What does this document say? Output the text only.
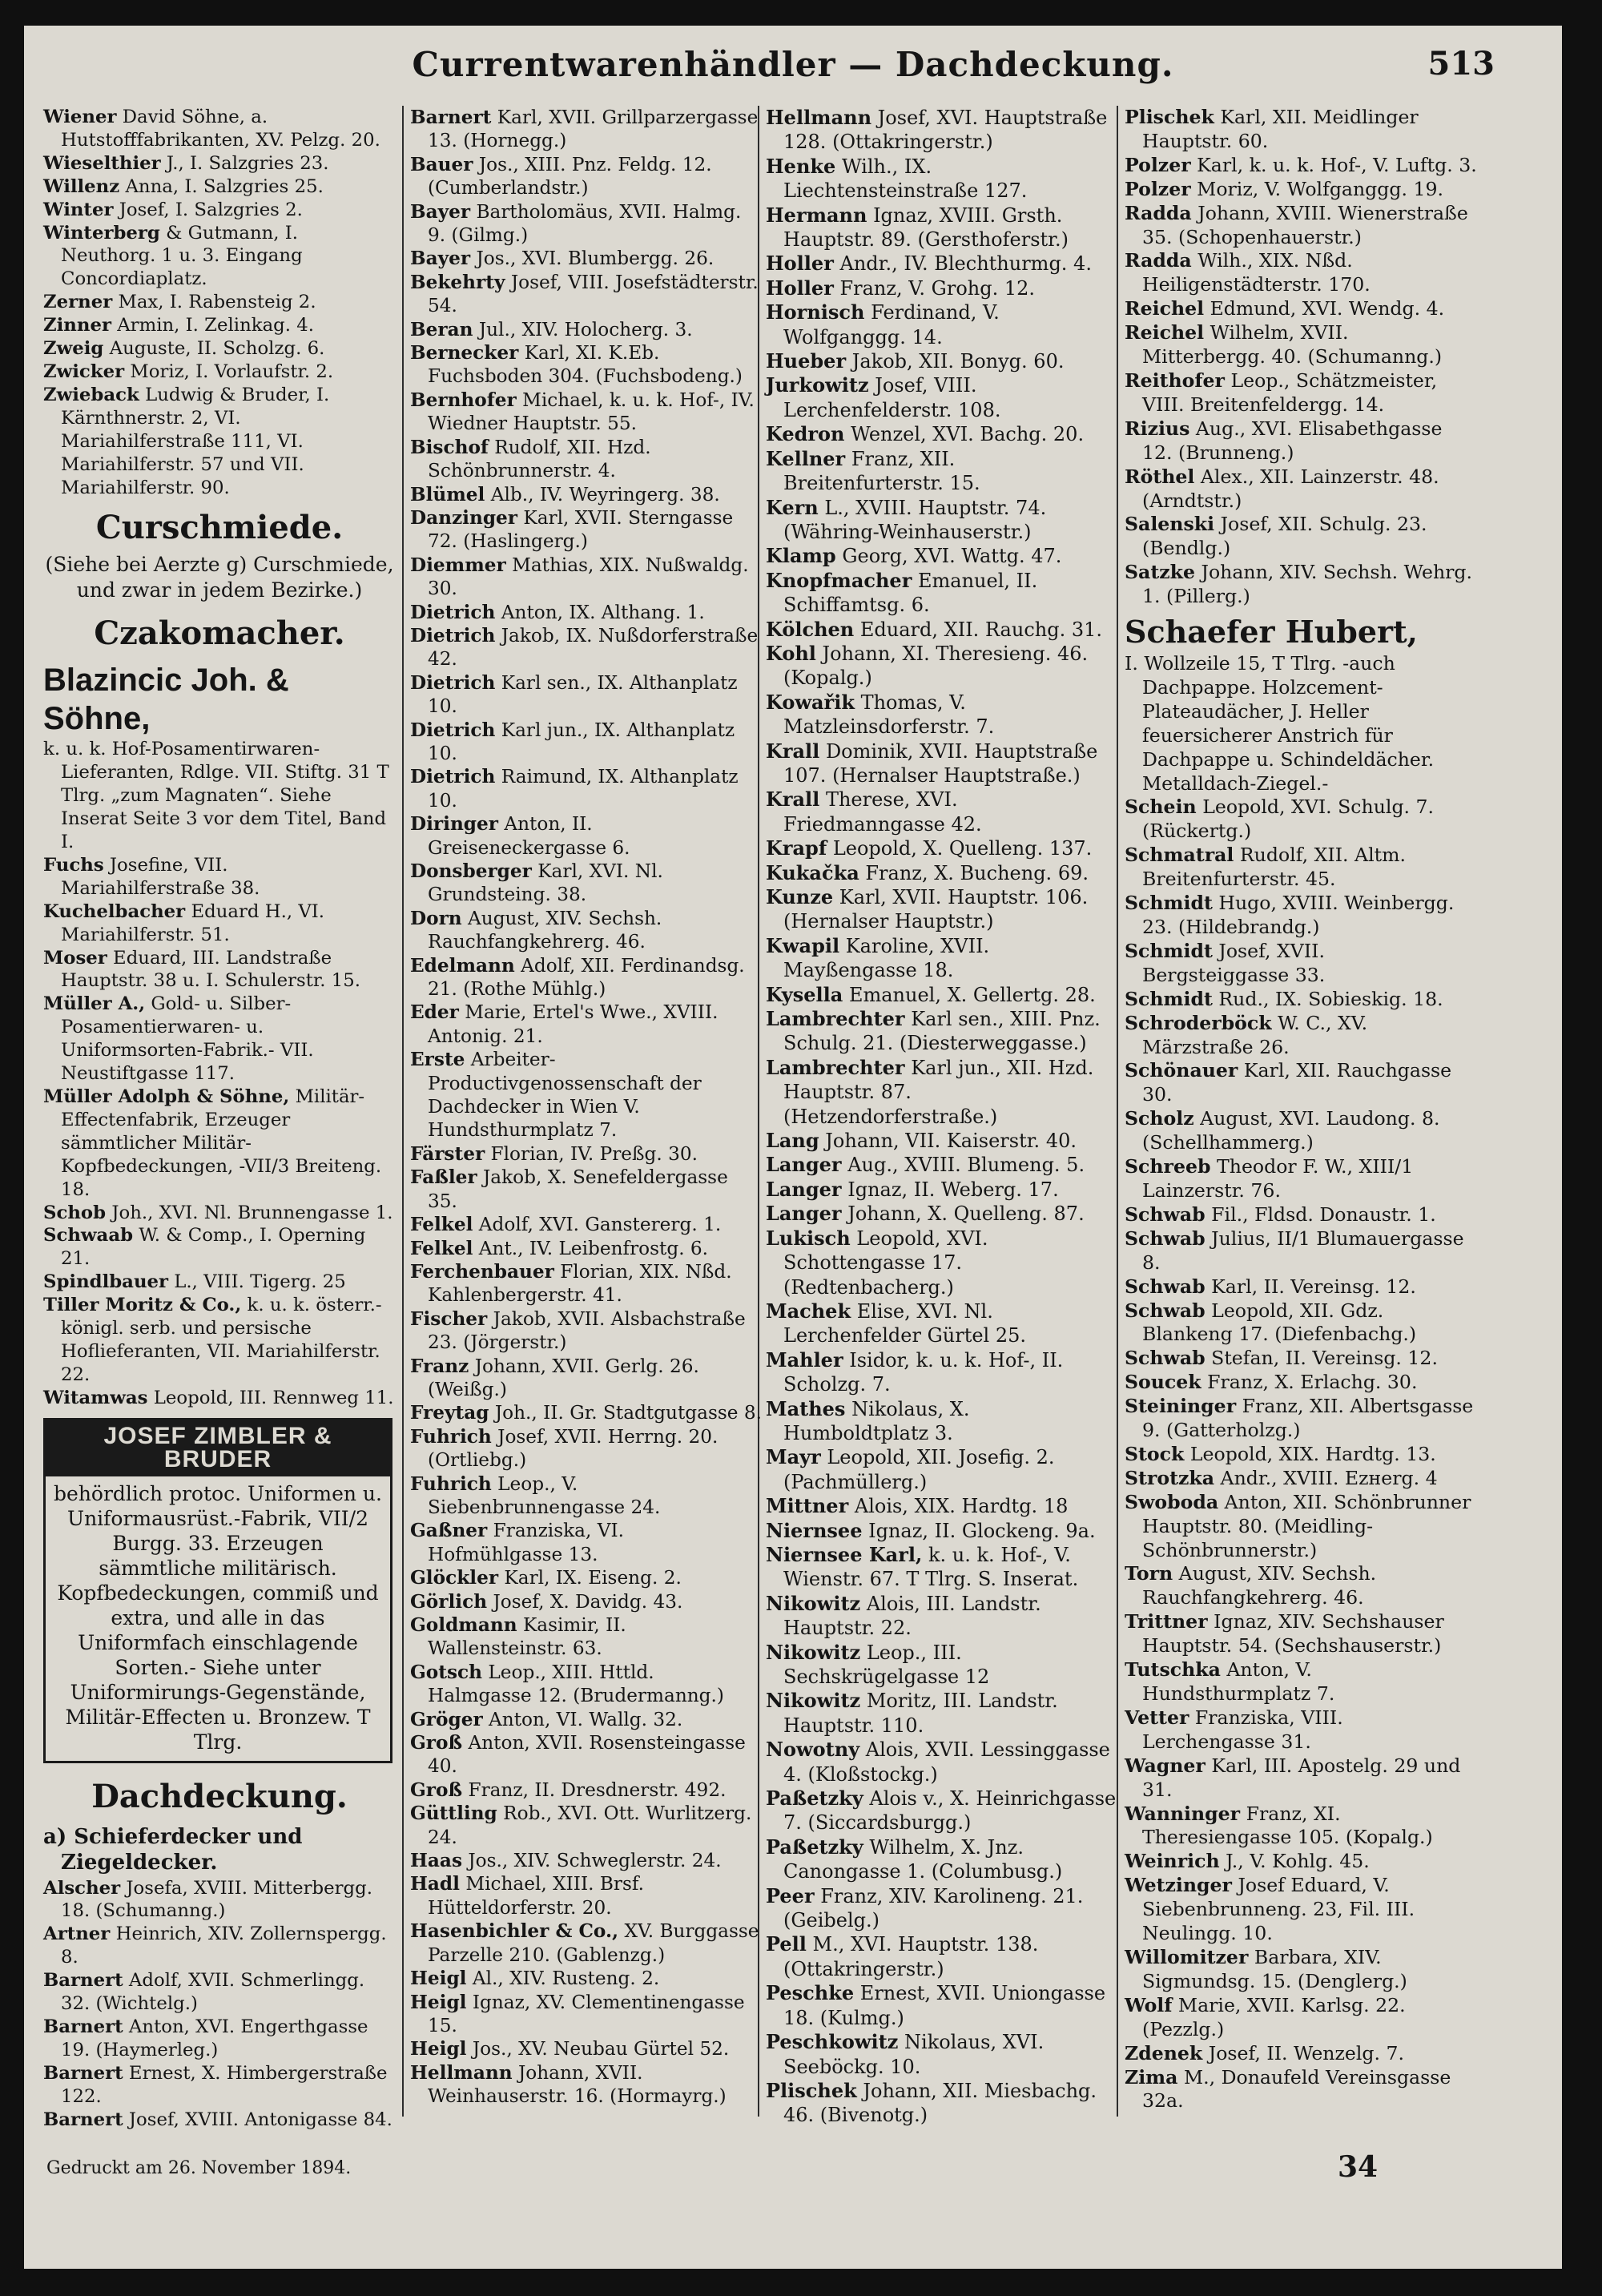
Currentwarenhändler — Dachdeckung.	513

Wiener David Söhne, a. Hutstofffabrikanten, XV. Pelzg. 20.

Wieselthier J., I. Salzgries 23.

Willenz Anna, I. Salzgries 25.

Winter Josef, I. Salzgries 2.

Winterberg & Gutmann, I. Neuthorg. 1 u. 3. Eingang Concordiaplatz.

Zerner Max, I. Rabensteig 2.

Zinner Armin, I. Zelinkag. 4.

Zweig Auguste, II. Scholzg. 6.

Zwicker Moriz, I. Vorlaufstr. 2.

Zwieback Ludwig & Bruder, I. Kärnthnerstr. 2, VI. Mariahilferstraße 111, VI. Mariahilferstr. 57 und VII. Mariahilferstr. 90.

Curschmiede.
(Siehe bei Aerzte g) Curschmiede, und zwar in jedem Bezirke.)
Czakomacher.
Blazincic Joh. & Söhne,

k. u. k. Hof-Posamentirwaren-Lieferanten, Rdlge. VII. Stiftg. 31 T Tlrg. „zum Magnaten“. Siehe Inserat Seite 3 vor dem Titel, Band I.

Fuchs Josefine, VII. Mariahilferstraße 38.

Kuchelbacher Eduard H., VI. Mariahilferstr. 51.

Moser Eduard, III. Landstraße Hauptstr. 38 u. I. Schulerstr. 15.

Müller A., Gold- u. Silber-Posamentierwaren- u. Uniformsorten-Fabrik.- VII. Neustiftgasse 117.

Müller Adolph & Söhne, Militär-Effectenfabrik, Erzeuger sämmtlicher Militär-Kopfbedeckungen, -VII/3 Breiteng. 18.

Schob Joh., XVI. Nl. Brunnengasse 1.

Schwaab W. & Comp., I. Operning 21.

Spindlbauer L., VIII. Tigerg. 25

Tiller Moritz & Co., k. u. k. österr.-königl. serb. und persische Hoflieferanten, VII. Mariahilferstr. 22.

Witamwas Leopold, III. Rennweg 11.

JOSEF ZIMBLER & BRUDER
behördlich protoc. Uniformen u. Uniformausrüst.-Fabrik, VII/2 Burgg. 33. Erzeugen sämmtliche militärisch. Kopfbedeckungen, commiß und extra, und alle in das Uniformfach einschlagende Sorten.- Siehe unter Uniformirungs-Gegenstände, Militär-Effecten u. Bronzew. T Tlrg.
Dachdeckung.
a) Schieferdecker und Ziegeldecker.

Alscher Josefa, XVIII. Mitterbergg. 18. (Schumanng.)

Artner Heinrich, XIV. Zollernspergg. 8.

Barnert Adolf, XVII. Schmerlingg. 32. (Wichtelg.)

Barnert Anton, XVI. Engerthgasse 19. (Haymerleg.)

Barnert Ernest, X. Himbergerstraße 122.

Barnert Josef, XVIII. Antonigasse 84.

Barnert Karl, XVII. Grillparzergasse 13. (Hornegg.)

Bauer Jos., XIII. Pnz. Feldg. 12. (Cumberlandstr.)

Bayer Bartholomäus, XVII. Halmg. 9. (Gilmg.)

Bayer Jos., XVI. Blumbergg. 26.

Bekehrty Josef, VIII. Josefstädterstr. 54.

Beran Jul., XIV. Holocherg. 3.

Bernecker Karl, XI. K.Eb. Fuchsboden 304. (Fuchsbodeng.)

Bernhofer Michael, k. u. k. Hof-, IV. Wiedner Hauptstr. 55.

Bischof Rudolf, XII. Hzd. Schönbrunnerstr. 4.

Blümel Alb., IV. Weyringerg. 38.

Danzinger Karl, XVII. Sterngasse 72. (Haslingerg.)

Diemmer Mathias, XIX. Nußwaldg. 30.

Dietrich Anton, IX. Althang. 1.

Dietrich Jakob, IX. Nußdorferstraße 42.

Dietrich Karl sen., IX. Althanplatz 10.

Dietrich Karl jun., IX. Althanplatz 10.

Dietrich Raimund, IX. Althanplatz 10.

Diringer Anton, II. Greiseneckergasse 6.

Donsberger Karl, XVI. Nl. Grundsteing. 38.

Dorn August, XIV. Sechsh. Rauchfangkehrerg. 46.

Edelmann Adolf, XII. Ferdinandsg. 21. (Rothe Mühlg.)

Eder Marie, Ertel's Wwe., XVIII. Antonig. 21.

Erste Arbeiter-Productivgenossenschaft der Dachdecker in Wien V. Hundsthurmplatz 7.

Färster Florian, IV. Preßg. 30.

Faßler Jakob, X. Senefeldergasse 35.

Felkel Adolf, XVI. Ganstererg. 1.

Felkel Ant., IV. Leibenfrostg. 6.

Ferchenbauer Florian, XIX. Nßd. Kahlenbergerstr. 41.

Fischer Jakob, XVII. Alsbachstraße 23. (Jörgerstr.)

Franz Johann, XVII. Gerlg. 26. (Weißg.)

Freytag Joh., II. Gr. Stadtgutgasse 8.

Fuhrich Josef, XVII. Herrng. 20. (Ortliebg.)

Fuhrich Leop., V. Siebenbrunnengasse 24.

Gaßner Franziska, VI. Hofmühlgasse 13.

Glöckler Karl, IX. Eiseng. 2.

Görlich Josef, X. Davidg. 43.

Goldmann Kasimir, II. Wallensteinstr. 63.

Gotsch Leop., XIII. Httld. Halmgasse 12. (Brudermanng.)

Gröger Anton, VI. Wallg. 32.

Groß Anton, XVII. Rosensteingasse 40.

Groß Franz, II. Dresdnerstr. 492.

Güttling Rob., XVI. Ott. Wurlitzerg. 24.

Haas Jos., XIV. Schweglerstr. 24.

Hadl Michael, XIII. Brsf. Hütteldorferstr. 20.

Hasenbichler & Co., XV. Burggasse Parzelle 210. (Gablenzg.)

Heigl Al., XIV. Rusteng. 2.

Heigl Ignaz, XV. Clementinengasse 15.

Heigl Jos., XV. Neubau Gürtel 52.

Hellmann Johann, XVII. Weinhauserstr. 16. (Hormayrg.)

Hellmann Josef, XVI. Hauptstraße 128. (Ottakringerstr.)

Henke Wilh., IX. Liechtensteinstraße 127.

Hermann Ignaz, XVIII. Grsth. Hauptstr. 89. (Gersthoferstr.)

Holler Andr., IV. Blechthurmg. 4.

Holler Franz, V. Grohg. 12.

Hornisch Ferdinand, V. Wolfganggg. 14.

Hueber Jakob, XII. Bonyg. 60.

Jurkowitz Josef, VIII. Lerchenfelderstr. 108.

Kedron Wenzel, XVI. Bachg. 20.

Kellner Franz, XII. Breitenfurterstr. 15.

Kern L., XVIII. Hauptstr. 74. (Währing-Weinhauserstr.)

Klamp Georg, XVI. Wattg. 47.

Knopfmacher Emanuel, II. Schiffamtsg. 6.

Kölchen Eduard, XII. Rauchg. 31.

Kohl Johann, XI. Theresieng. 46. (Kopalg.)

Kowařik Thomas, V. Matzleinsdorferstr. 7.

Krall Dominik, XVII. Hauptstraße 107. (Hernalser Hauptstraße.)

Krall Therese, XVI. Friedmanngasse 42.

Krapf Leopold, X. Quelleng. 137.

Kukačka Franz, X. Bucheng. 69.

Kunze Karl, XVII. Hauptstr. 106. (Hernalser Hauptstr.)

Kwapil Karoline, XVII. Mayßengasse 18.

Kysella Emanuel, X. Gellertg. 28.

Lambrechter Karl sen., XIII. Pnz. Schulg. 21. (Diesterweggasse.)

Lambrechter Karl jun., XII. Hzd. Hauptstr. 87. (Hetzendorferstraße.)

Lang Johann, VII. Kaiserstr. 40.

Langer Aug., XVIII. Blumeng. 5.

Langer Ignaz, II. Weberg. 17.

Langer Johann, X. Quelleng. 87.

Lukisch Leopold, XVI. Schottengasse 17. (Redtenbacherg.)

Machek Elise, XVI. Nl. Lerchenfelder Gürtel 25.

Mahler Isidor, k. u. k. Hof-, II. Scholzg. 7.

Mathes Nikolaus, X. Humboldtplatz 3.

Mayr Leopold, XII. Josefig. 2. (Pachmüllerg.)

Mittner Alois, XIX. Hardtg. 18

Niernsee Ignaz, II. Glockeng. 9a.

Niernsee Karl, k. u. k. Hof-, V. Wienstr. 67. T Tlrg. S. Inserat.

Nikowitz Alois, III. Landstr. Hauptstr. 22.

Nikowitz Leop., III. Sechskrügelgasse 12

Nikowitz Moritz, III. Landstr. Hauptstr. 110.

Nowotny Alois, XVII. Lessinggasse 4. (Kloßstockg.)

Paßetzky Alois v., X. Heinrichgasse 7. (Siccardsburgg.)

Paßetzky Wilhelm, X. Jnz. Canongasse 1. (Columbusg.)

Peer Franz, XIV. Karolineng. 21. (Geibelg.)

Pell M., XVI. Hauptstr. 138. (Ottakringerstr.)

Peschke Ernest, XVII. Uniongasse 18. (Kulmg.)

Peschkowitz Nikolaus, XVI. Seeböckg. 10.

Plischek Johann, XII. Miesbachg. 46. (Bivenotg.)

Plischek Karl, XII. Meidlinger Hauptstr. 60.

Polzer Karl, k. u. k. Hof-, V. Luftg. 3.

Polzer Moriz, V. Wolfganggg. 19.

Radda Johann, XVIII. Wienerstraße 35. (Schopenhauerstr.)

Radda Wilh., XIX. Nßd. Heiligenstädterstr. 170.

Reichel Edmund, XVI. Wendg. 4.

Reichel Wilhelm, XVII. Mitterbergg. 40. (Schumanng.)

Reithofer Leop., Schätzmeister, VIII. Breitenfeldergg. 14.

Rizius Aug., XVI. Elisabethgasse 12. (Brunneng.)

Röthel Alex., XII. Lainzerstr. 48. (Arndtstr.)

Salenski Josef, XII. Schulg. 23. (Bendlg.)

Satzke Johann, XIV. Sechsh. Wehrg. 1. (Pillerg.)

Schaefer Hubert,

I. Wollzeile 15, T Tlrg. -auch Dachpappe. Holzcement-Plateaudächer, J. Heller feuersicherer Anstrich für Dachpappe u. Schindeldächer. Metalldach-Ziegel.-

Schein Leopold, XVI. Schulg. 7. (Rückertg.)

Schmatral Rudolf, XII. Altm. Breitenfurterstr. 45.

Schmidt Hugo, XVIII. Weinbergg. 23. (Hildebrandg.)

Schmidt Josef, XVII. Bergsteiggasse 33.

Schmidt Rud., IX. Sobieskig. 18.

Schroderböck W. C., XV. Märzstraße 26.

Schönauer Karl, XII. Rauchgasse 30.

Scholz August, XVI. Laudong. 8. (Schellhammerg.)

Schreeb Theodor F. W., XIII/1 Lainzerstr. 76.

Schwab Fil., Fldsd. Donaustr. 1.

Schwab Julius, II/1 Blumauergasse 8.

Schwab Karl, II. Vereinsg. 12.

Schwab Leopold, XII. Gdz. Blankeng 17. (Diefenbachg.)

Schwab Stefan, II. Vereinsg. 12.

Soucek Franz, X. Erlachg. 30.

Steininger Franz, XII. Albertsgasse 9. (Gatterholzg.)

Stock Leopold, XIX. Hardtg. 13.

Strotzka Andr., XVIII. Ezнerg. 4

Swoboda Anton, XII. Schönbrunner Hauptstr. 80. (Meidling-Schönbrunnerstr.)

Torn August, XIV. Sechsh. Rauchfangkehrerg. 46.

Trittner Ignaz, XIV. Sechshauser Hauptstr. 54. (Sechshauserstr.)

Tutschka Anton, V. Hundsthurmplatz 7.

Vetter Franziska, VIII. Lerchengasse 31.

Wagner Karl, III. Apostelg. 29 und 31.

Wanninger Franz, XI. Theresiengasse 105. (Kopalg.)

Weinrich J., V. Kohlg. 45.

Wetzinger Josef Eduard, V. Siebenbrunneng. 23, Fil. III. Neulingg. 10.

Willomitzer Barbara, XIV. Sigmundsg. 15. (Denglerg.)

Wolf Marie, XVII. Karlsg. 22. (Pezzlg.)

Zdenek Josef, II. Wenzelg. 7.

Zima M., Donaufeld Vereinsgasse 32a.

Gedruckt am 26. November 1894.	34
